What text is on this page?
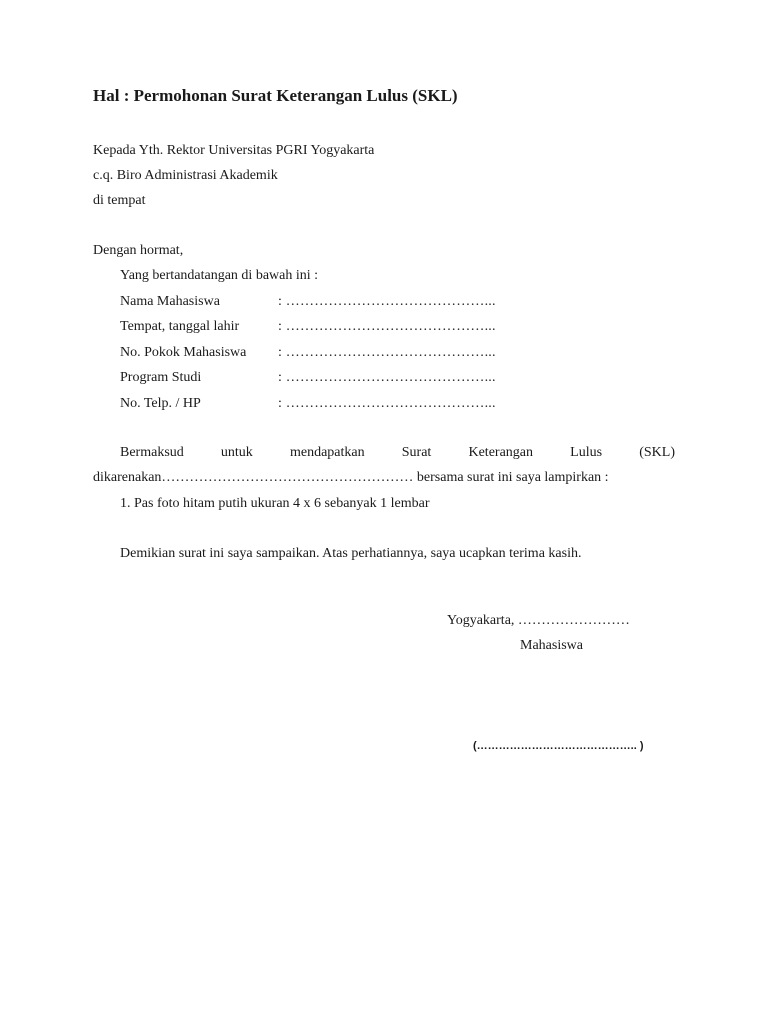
Hal : Permohonan Surat Keterangan Lulus (SKL)
Kepada Yth. Rektor Universitas PGRI Yogyakarta
c.q. Biro Administrasi Akademik
di tempat
Dengan hormat,
Yang bertandatangan di bawah ini :
Nama Mahasiswa	: ……………………………………...
Tempat, tanggal lahir	: ……………………………………...
No. Pokok Mahasiswa : ……………………………………...
Program Studi	: ……………………………………...
No. Telp. / HP	: ……………………………………...
Bermaksud	untuk	mendapatkan	Surat	Keterangan	Lulus	(SKL)
dikarenakan……………………………………………… bersama surat ini saya lampirkan :
1. Pas foto hitam putih ukuran 4 x 6 sebanyak 1 lembar
Demikian surat ini saya sampaikan. Atas perhatiannya, saya ucapkan terima kasih.
Yogyakarta, ……………………
Mahasiswa
(…………………………………….. )
